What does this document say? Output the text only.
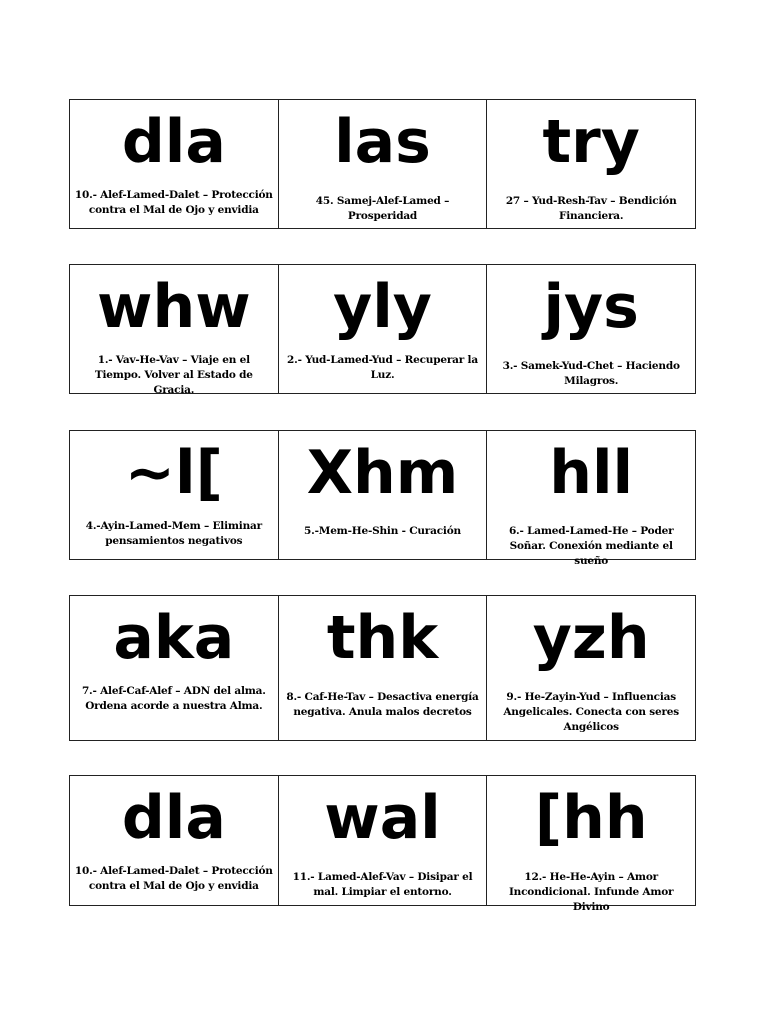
dla
10.- Alef-Lamed-Dalet – Protección contra el Mal de Ojo y envidia
las
45. Samej-Alef-Lamed – Prosperidad
try
27 – Yud-Resh-Tav – Bendición Financiera.
whw
1.- Vav-He-Vav – Viaje en el Tiempo. Volver al Estado de Gracia.
yly
2.- Yud-Lamed-Yud – Recuperar la Luz.
jys
3.- Samek-Yud-Chet – Haciendo Milagros.
~l[
4.-Ayin-Lamed-Mem – Eliminar pensamientos negativos
Xhm
5.-Mem-He-Shin - Curación
hll
6.- Lamed-Lamed-He – Poder Soñar. Conexión mediante el sueño
aka
7.- Alef-Caf-Alef – ADN del alma. Ordena acorde a nuestra Alma.
thk
8.- Caf-He-Tav – Desactiva energía negativa. Anula malos decretos
yzh
9.- He-Zayin-Yud – Influencias Angelicales. Conecta con seres Angélicos
dla
10.- Alef-Lamed-Dalet – Protección contra el Mal de Ojo y envidia
wal
11.- Lamed-Alef-Vav – Disipar el mal. Limpiar el entorno.
[hh
12.- He-He-Ayin – Amor Incondicional. Infunde Amor Divino
